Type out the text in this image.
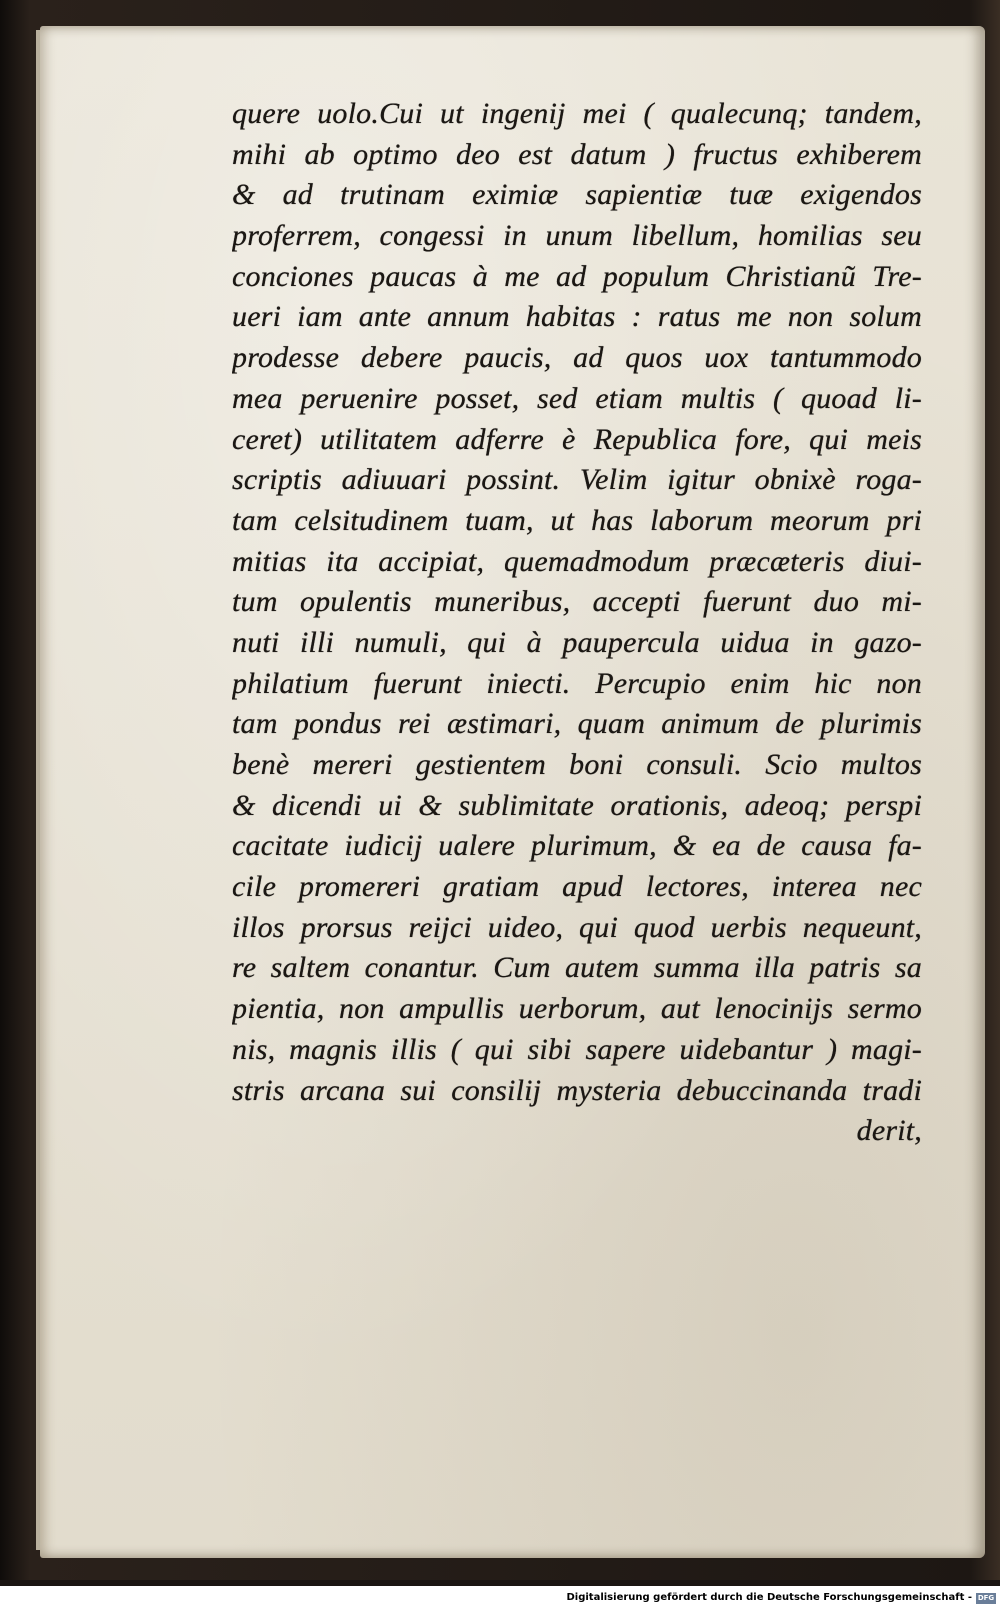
quere uolo.Cui ut ingenij mei ( qualecunq; tandem,
mihi ab optimo deo est datum ) fructus exhiberem
& ad trutinam eximiæ sapientiæ tuæ exigendos
proferrem, congessi in unum libellum, homilias seu
conciones paucas à me ad populum Christianũ Tre-
ueri iam ante annum habitas : ratus me non solum
prodesse debere paucis, ad quos uox tantummodo
mea peruenire posset, sed etiam multis ( quoad li-
ceret) utilitatem adferre è Republica fore, qui meis
scriptis adiuuari possint. Velim igitur obnixè roga-
tam celsitudinem tuam, ut has laborum meorum pri
mitias ita accipiat, quemadmodum præcæteris diui-
tum opulentis muneribus, accepti fuerunt duo mi-
nuti illi numuli, qui à paupercula uidua in gazo-
philatium fuerunt iniecti. Percupio enim hic non
tam pondus rei æstimari, quam animum de plurimis
benè mereri gestientem boni consuli. Scio multos
& dicendi ui & sublimitate orationis, adeoq; perspi
cacitate iudicij ualere plurimum, & ea de causa fa-
cile promereri gratiam apud lectores, interea nec
illos prorsus reijci uideo, qui quod uerbis nequeunt,
re saltem conantur. Cum autem summa illa patris sa
pientia, non ampullis uerborum, aut lenocinijs sermo
nis, magnis illis ( qui sibi sapere uidebantur ) magi-
stris arcana sui consilij mysteria debuccinanda tradi
derit,
Digitalisierung gefördert durch die Deutsche Forschungsgemeinschaft - DFG
